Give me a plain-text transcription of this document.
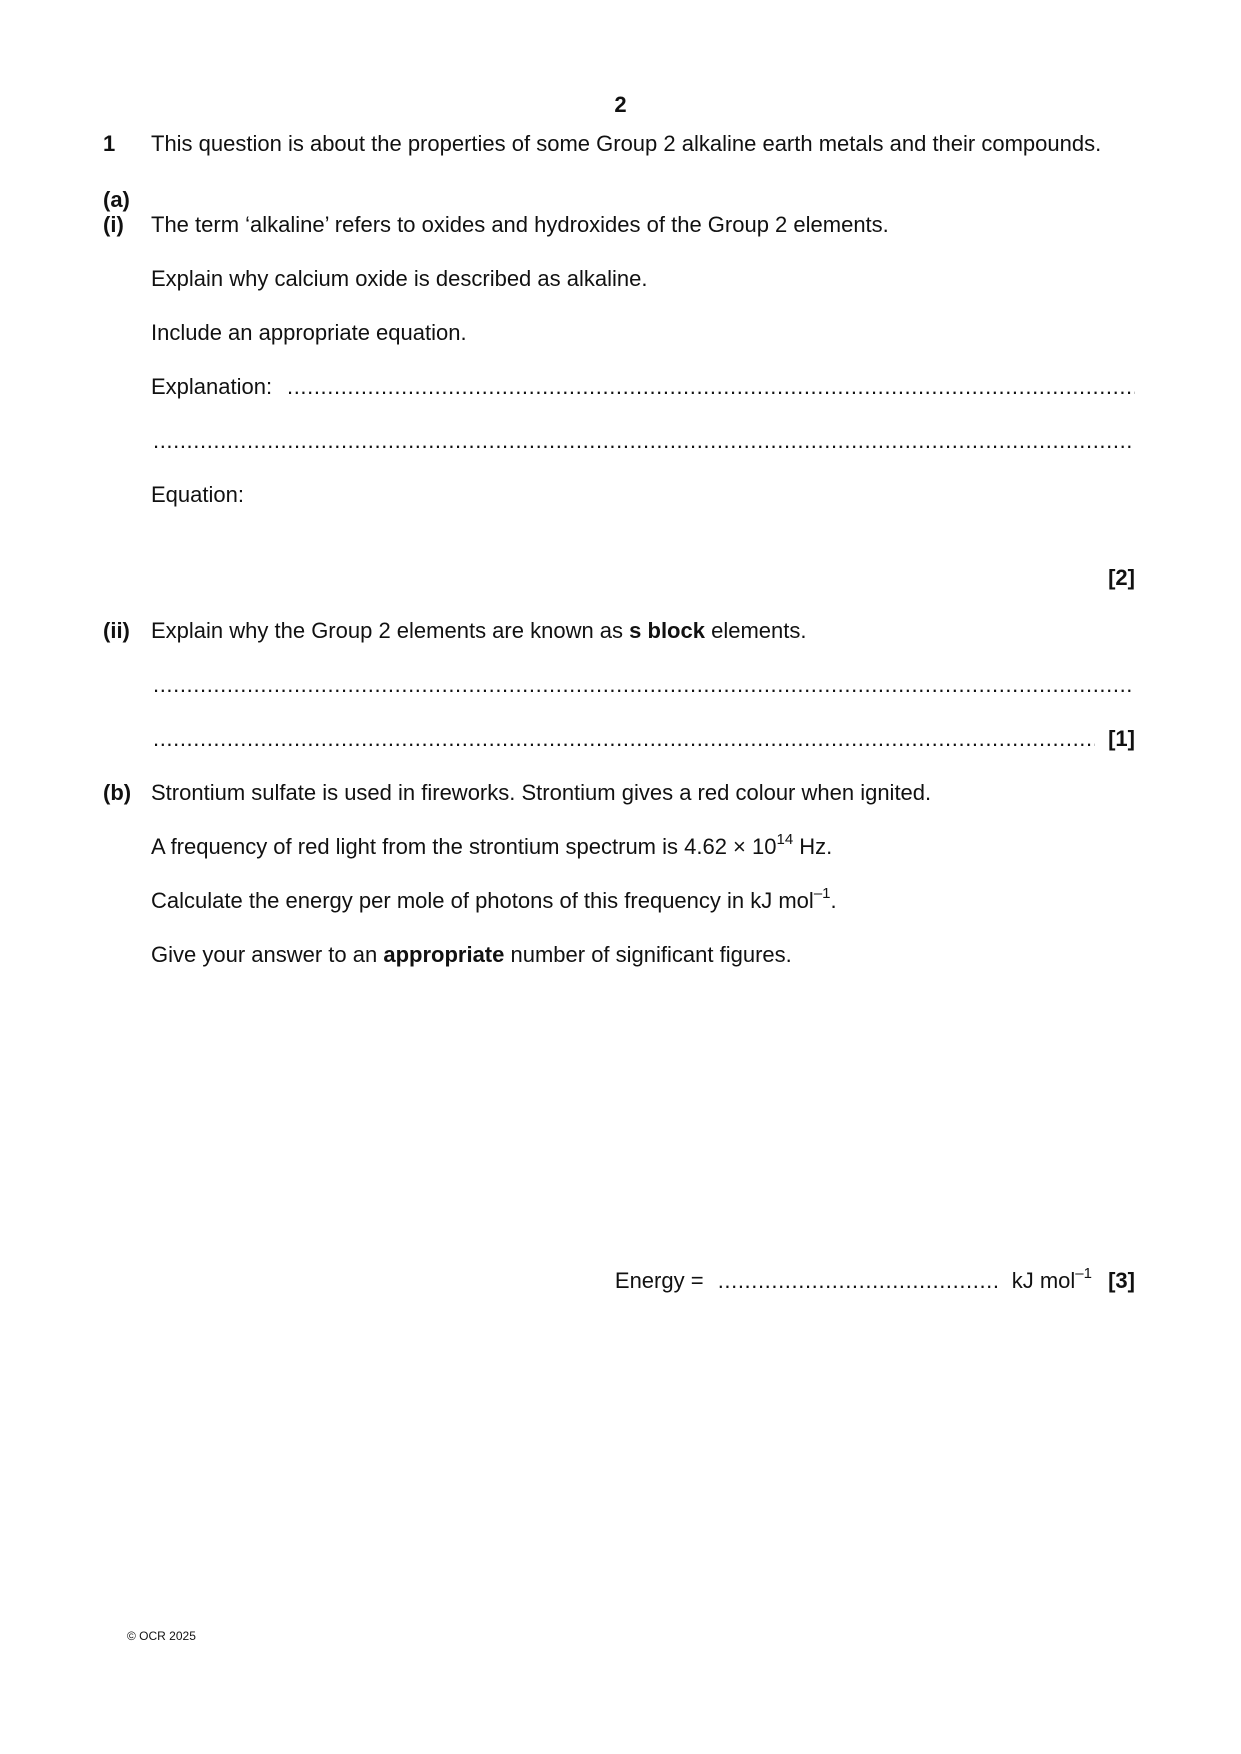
2
1 This question is about the properties of some Group 2 alkaline earth metals and their compounds.
(a)
(i) The term ‘alkaline’ refers to oxides and hydroxides of the Group 2 elements.
Explain why calcium oxide is described as alkaline.
Include an appropriate equation.
Explanation:
.....
.....
Equation:
[2]
(ii) Explain why the Group 2 elements are known as s block elements.
.....
.....
[1]
(b) Strontium sulfate is used in fireworks. Strontium gives a red colour when ignited.
A frequency of red light from the strontium spectrum is $4.62 \times 10^{14}$ Hz.
Calculate the energy per mole of photons of this frequency in kJ mol$^{-1}$.
Give your answer to an appropriate number of significant figures.
Energy = .......................................... kJ mol$^{-1}$ [3]
© OCR 2025
